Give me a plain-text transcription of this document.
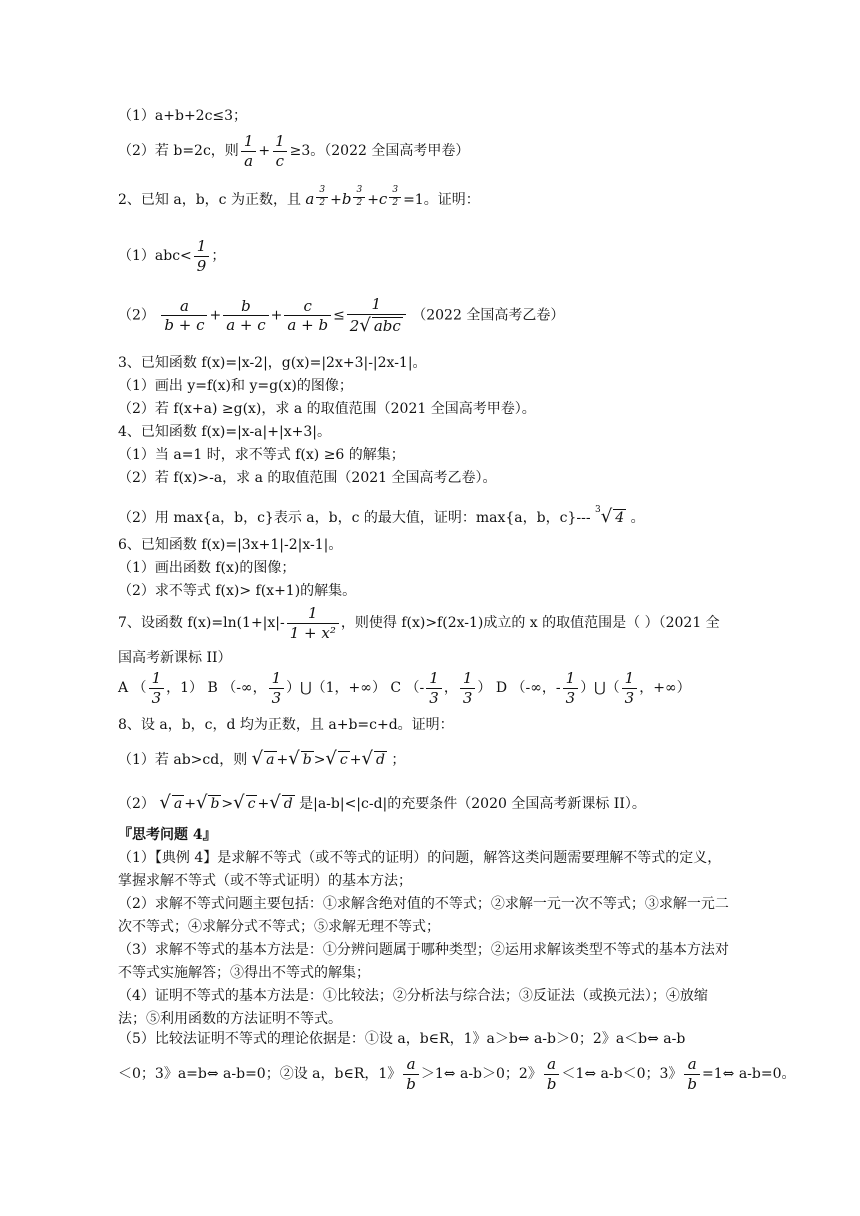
（1）a+b+2c≤3；
（2）若 b=2c，则 $\frac{1}{a} + \frac{1}{c} \ge 3$。（2022 全国高考甲卷）
2、已知 a，b，c 为正数，且 a $\frac{3}{2} +b \frac{3}{2} +c \frac{3}{2} =1$。证明：
$(1)abc< \frac{1}{9}$ ；
$(2) \frac{a}{b + c} + \frac{b}{a + c} + \frac{c}{a + b} \le \frac{1}{\text{2√ abc}} (2022$ 全国高考乙卷）
3、已知函数 f(x)=|x-2|，g(x)=|2x+3|-|2x-1|。
（1）画出 y=f(x)和 y=g(x)的图像；
（2）若 f(x+a) ≥g(x)，求 a 的取值范围（2021 全国高考甲卷）。
4、已知函数 f(x)=|x-a|+|x+3|。
（1）当 a=1 时，求不等式 f(x) ≥6 的解集；
（2）若 f(x)>-a，求 a 的取值范围（2021 全国高考乙卷）。
（2）用 max{a，b，c}表示 a，b，c 的最大值，证明：max{a，b，c}--- $^3$√ 4 。
6、已知函数 f(x)=|3x+1|-2|x-1|。
（1）画出函数 f(x)的图像；
（2）求不等式 f(x)> f(x+1)的解集。
7、设函数 $f(x)=\ln(1+|x|- \frac{1}{\text{1 + x²}}$ ，则使得 f(x)>f(2x-1)成立的 x 的取值范围是（ ）（2021 全
国高考新课标 II）
A （ $\frac{1}{3}$ ，1） B （-∞， $\frac{1}{3}$ ）⋃（1，+∞） C （- $\frac{1}{3}$ ， $\frac{1}{3}$ ） D （-∞，- $\frac{1}{3}$ ）⋃（ $\frac{1}{3}$ ，+∞）
8、设 a，b，c，d 均为正数，且 a+b=c+d。证明：
（1）若 ab>cd，则 √ a +√ b >√ c +√ d ；
（2） √ a +√ b >√ c +√ d 是|a-b|<|c-d|的充要条件（2020 全国高考新课标 II）。
『思考问题 4』
（1）【典例 4】是求解不等式（或不等式的证明）的问题，解答这类问题需要理解不等式的定义，掌握求解不等式（或不等式证明）的基本方法；
（2）求解不等式问题主要包括：①求解含绝对值的不等式；②求解一元一次不等式；③求解一元二次不等式；④求解分式不等式；⑤求解无理不等式；
（3）求解不等式的基本方法是：①分辨问题属于哪种类型；②运用求解该类型不等式的基本方法对不等式实施解答；③得出不等式的解集；
（4）证明不等式的基本方法是：①比较法；②分析法与综合法；③反证法（或换元法）；④放缩法；⑤利用函数的方法证明不等式。
（5）比较法证明不等式的理论依据是：①设 a，b∈R，1》a＞b⇔ a-b＞0；2》a＜b⇔ a-b
＜0；3》a=b⇔ a-b=0；②设 a，b∈R，1》 $\frac{a}{b}$ ＞1⇔ a-b＞0；2》 $\frac{a}{b}$ ＜1⇔ a-b＜0；3》 $\frac{a}{b}$ =1⇔ a-b=0。
